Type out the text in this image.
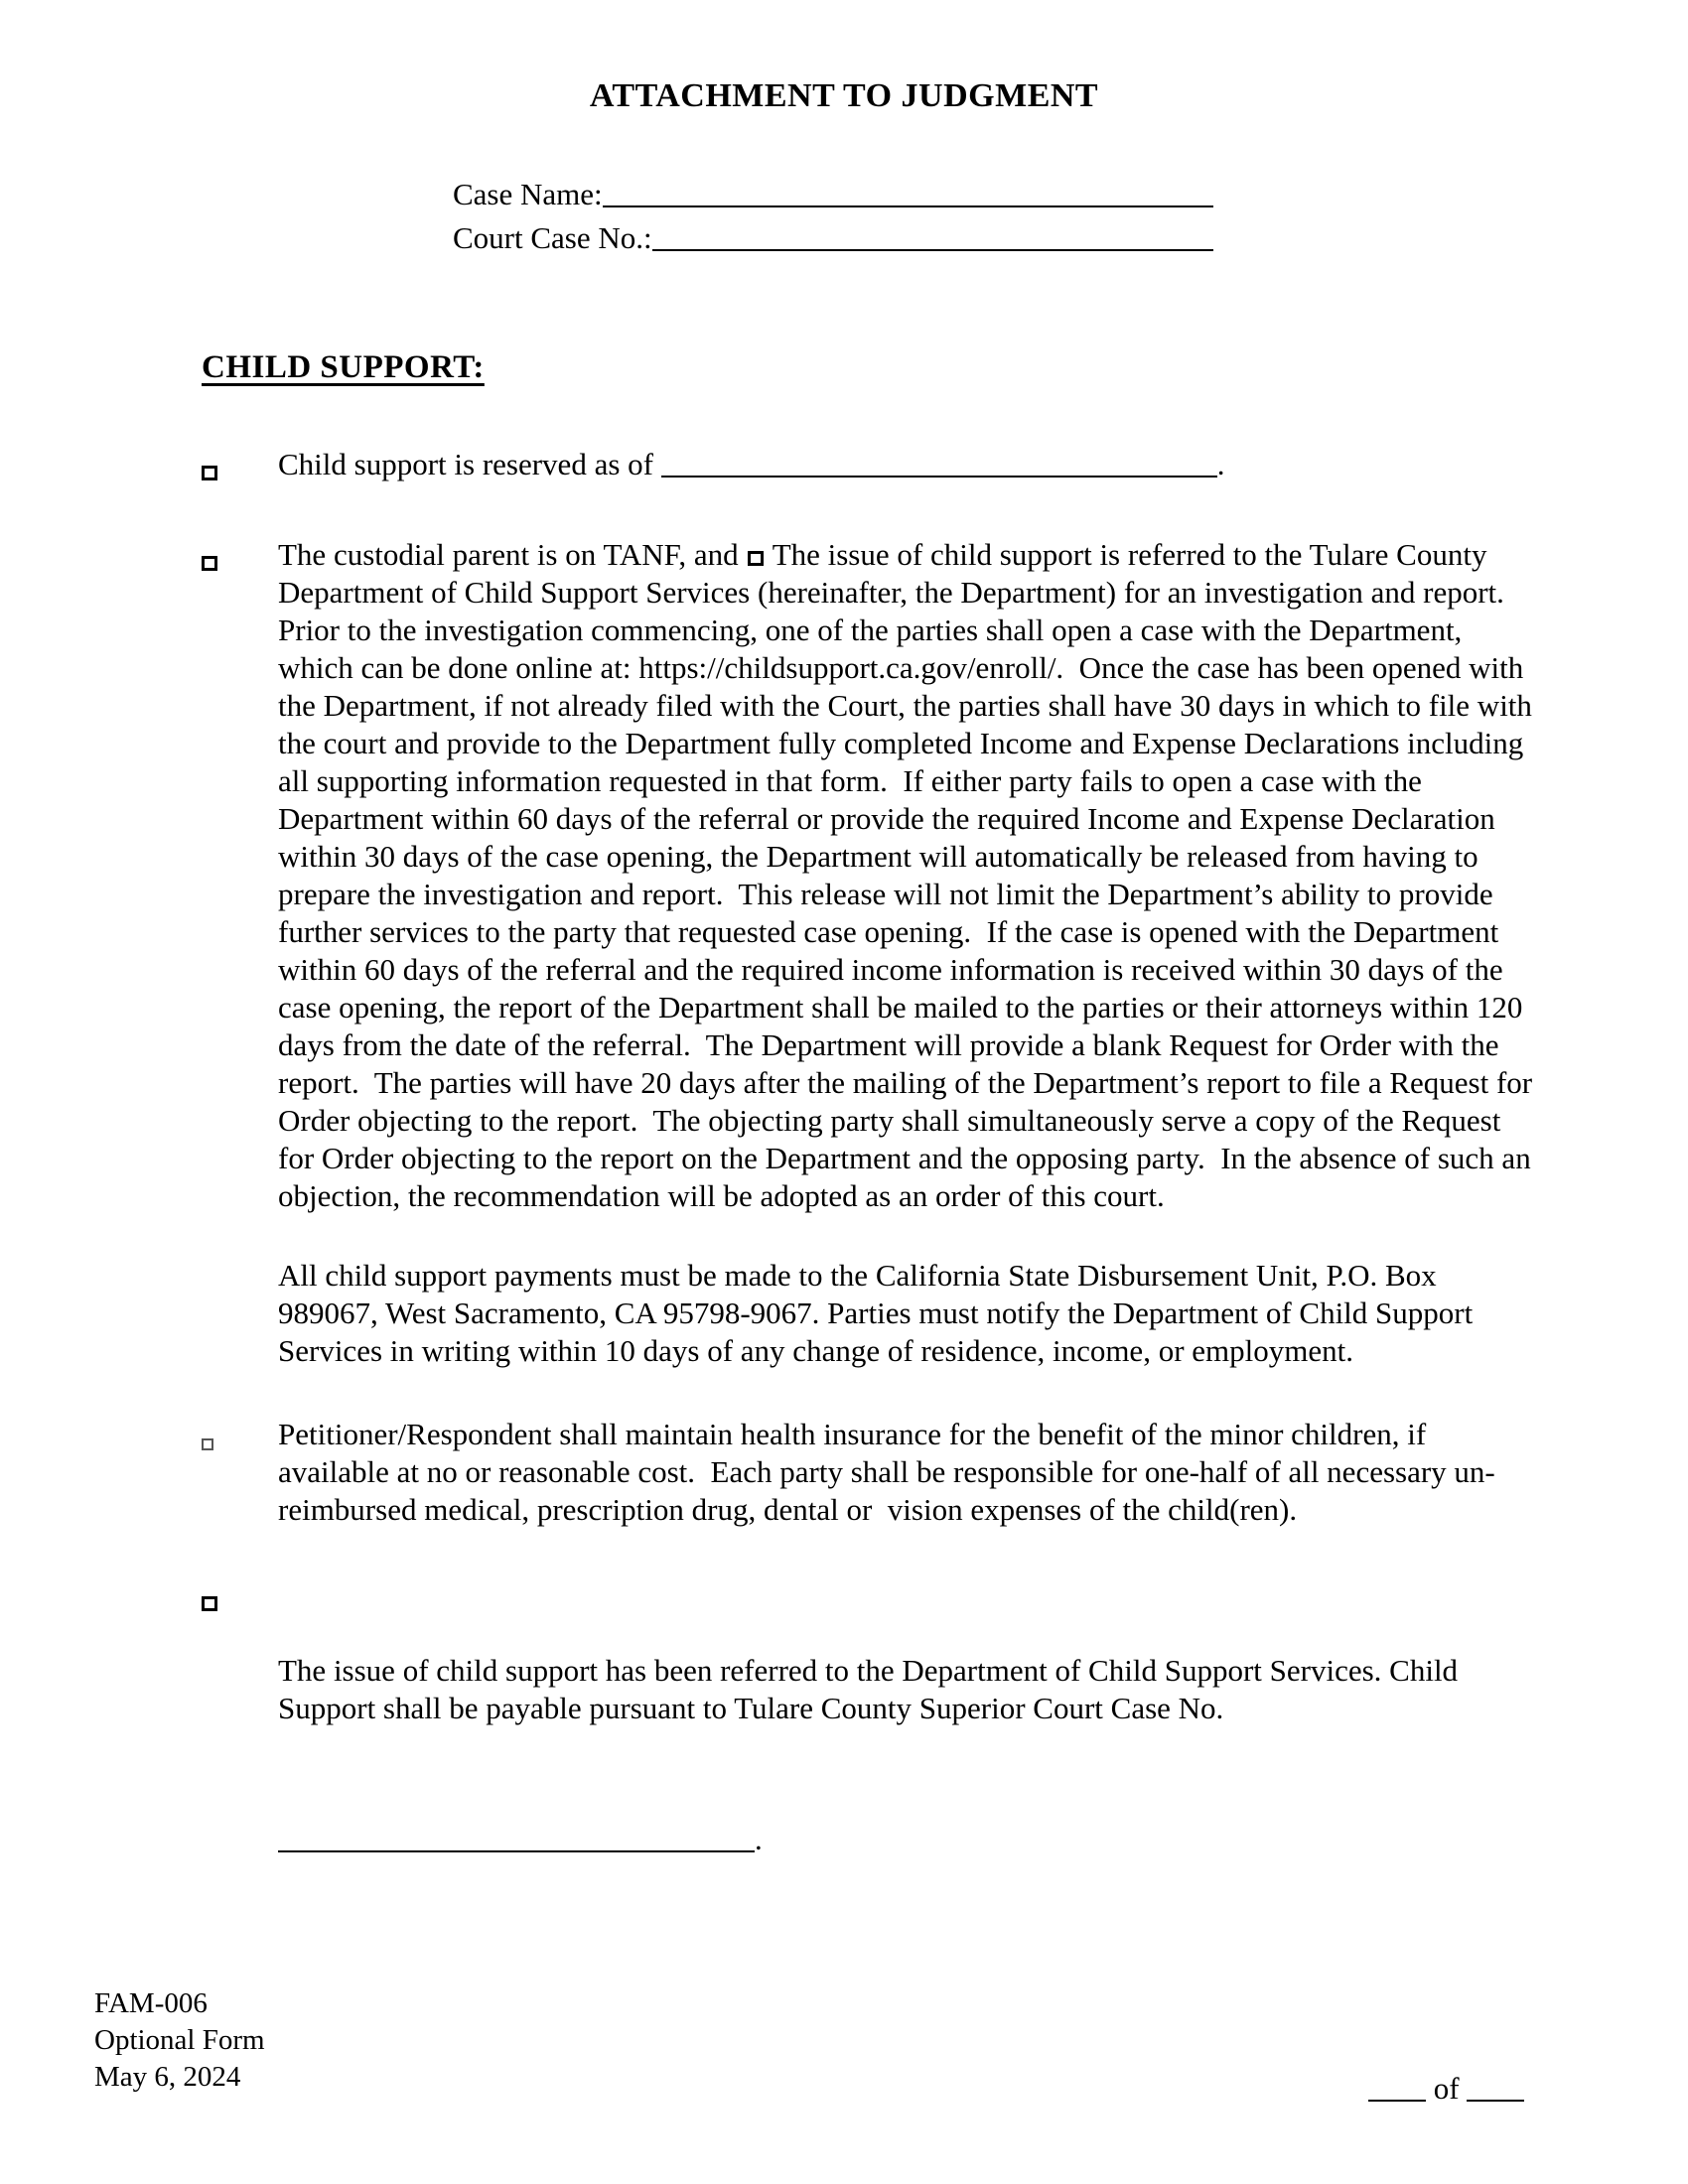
ATTACHMENT TO JUDGMENT
Case Name:
Court Case No.:
CHILD SUPPORT:
Child support is reserved as of	.
The custodial parent is on TANF, and The issue of child support is referred to the Tulare County Department of Child Support Services (hereinafter, the Department) for an investigation and report.  Prior to the investigation commencing, one of the parties shall open a case with the Department, which can be done online at: https://childsupport.ca.gov/enroll/.  Once the case has been opened with the Department, if not already filed with the Court, the parties shall have 30 days in which to file with the court and provide to the Department fully completed Income and Expense Declarations including all supporting information requested in that form.  If either party fails to open a case with the Department within 60 days of the referral or provide the required Income and Expense Declaration within 30 days of the case opening, the Department will automatically be released from having to prepare the investigation and report.  This release will not limit the Department’s ability to provide further services to the party that requested case opening.  If the case is opened with the Department within 60 days of the referral and the required income information is received within 30 days of the case opening, the report of the Department shall be mailed to the parties or their attorneys within 120 days from the date of the referral.  The Department will provide a blank Request for Order with the report.  The parties will have 20 days after the mailing of the Department’s report to file a Request for Order objecting to the report.  The objecting party shall simultaneously serve a copy of the Request for Order objecting to the report on the Department and the opposing party.  In the absence of such an objection, the recommendation will be adopted as an order of this court.
All child support payments must be made to the California State Disbursement Unit, P.O. Box 989067, West Sacramento, CA 95798-9067. Parties must notify the Department of Child Support Services in writing within 10 days of any change of residence, income, or employment.
Petitioner/Respondent shall maintain health insurance for the benefit of the minor children, if available at no or reasonable cost.  Each party shall be responsible for one-half of all necessary un-reimbursed medical, prescription drug, dental or  vision expenses of the child(ren).

The issue of child support has been referred to the Department of Child Support Services. Child Support shall be payable pursuant to Tulare County Superior Court Case No.

.

FAM-006
Optional Form
May 6, 2024	of
